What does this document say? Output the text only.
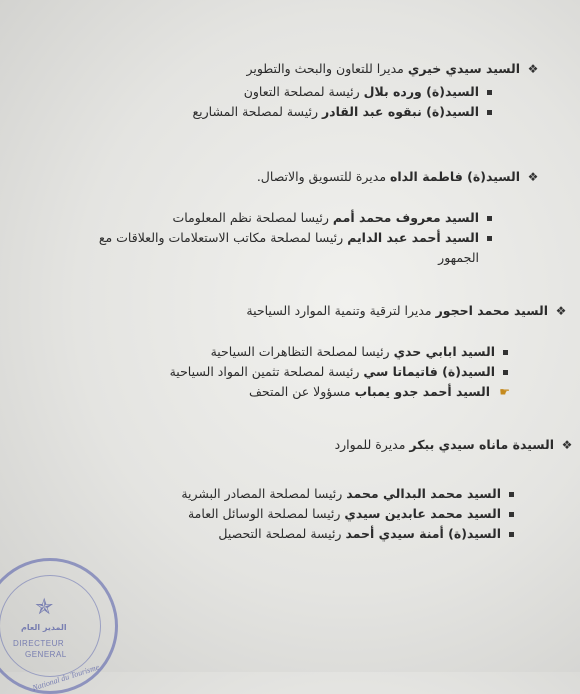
❖
السيد سيدي خيري مديرا للتعاون والبحث والتطوير
السيد(ة) ورده بلال رئيسة لمصلحة التعاون
السيد(ة) نبقوه عبد القادر رئيسة لمصلحة المشاريع
❖
السيد(ة) فاطمة الداه مديرة للتسويق والاتصال.
السيد معروف محمد أمم رئيسا لمصلحة نظم المعلومات
السيد أحمد عبد الدايم رئيسا لمصلحة مكاتب الاستعلامات والعلاقات مع الجمهور
❖
السيد محمد احجور مديرا لترقية وتنمية الموارد السياحية
السيد ابابي حدي رئيسا لمصلحة التظاهرات السياحية
السيد(ة) فاتيماتا سي رئيسة لمصلحة تثمين المواد السياحية
☛
السيد أحمد جدو يمباب مسؤولا عن المتحف
❖
السيدة ماناه سيدي ببكر مديرة للموارد
السيد محمد البدالي محمد رئيسا لمصلحة المصادر البشرية
السيد محمد عابدين سيدي رئيسا لمصلحة الوسائل العامة
السيد(ة) أمنة سيدي أحمد رئيسة لمصلحة التحصيل
✯
المدير العام
DIRECTEUR
GENERAL
National du Tourisme
